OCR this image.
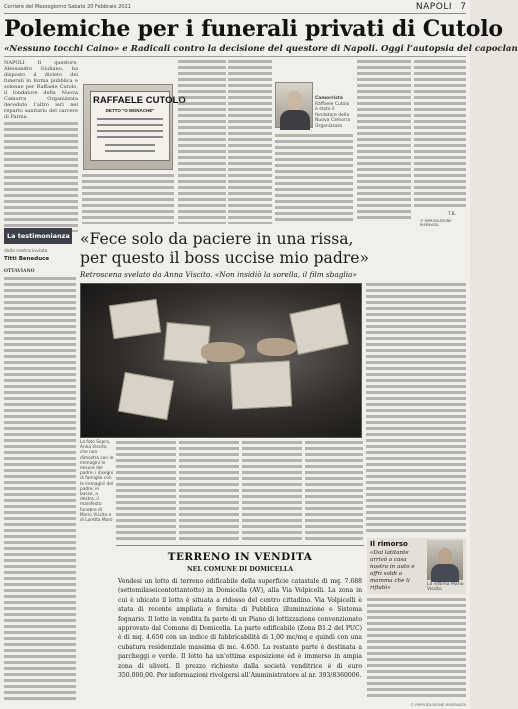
Corriere del Mezzogiorno Sabato 20 Febbraio 2021	NAPOLI 7
Polemiche per i funerali privati di Cutolo
«Nessuno tocchi Caino» e Radicali contro la decisione del questore di Napoli. Oggi l’autopsia del capoclan
NAPOLI Il questore, Alessandro Giuliano, ha disposto il divieto dei funerali in forma pubblica e solenne per Raffaele Cutolo, il fondatore della Nuova Camorra Organizzata deceduto l’altro ieri nel reparto sanitario del carcere di Parma.
RAFFAELE CUTOLO
DETTO "O MONACHE"
Camorrista Raffaele Cutolo è stato il fondatore della Nuova Camorra Organizzata
T.B.
© RIPRODUZIONE RISERVATA
La testimonianza
dalla nostra inviata
Titti Beneduce
«Fece solo da paciere in una rissa,
per questo il boss uccise mio padre»
Retroscena svelato da Anna Viscito. «Non insidiò la sorella, il film sbaglia»
OTTAVIANO
La foto Sopra, Anna Viscito, che non dimostra con le immagini le misure del padre; i disegni di famiglia con le immagini del padre; in basso, a destra, il manifesto funebre di Mario Viscito e di Loretta Moro
TERRENO IN VENDITA
NEL COMUNE DI DOMICELLA
Vendesi un lotto di terreno edificabile della superficie catastale di mq. 7.688 (settemilaseicentottantotto) in Domicella (AV), alla Via Volpicelli. La zona in cui è ubicato il lotto è situata a ridosso del centro cittadino. Via Volpicelli è stata di recente ampliata e fornita di Pubblica illuminazione e Sistema fognario. Il lotto in vendita fa parte di un Piano di lottizzazione convenzionato approvato dal Comune di Domicella. La parte edificabile (Zona B1.2 del PUC) è di mq. 4.650 con un indice di fabbricabilità di 1,00 mc/mq e quindi con una cubatura residenziale massima di mc. 4.650. La restante parte è destinata a parcheggi e verde. Il lotto ha un’ottima esposizione ed è immerso in ampia zona di uliveti. Il prezzo richiesto dalla società venditrice è di euro 350.000,00. Per informazioni rivolgersi all’Amministratore al nr. 393/8360006.
Il rimorso
«Dai latitante arrivò a casa nostra in auto e offrì soldi a mamma che li rifiutò»
La vittima Mario Viscito
© RIPRODUZIONE RISERVATA
